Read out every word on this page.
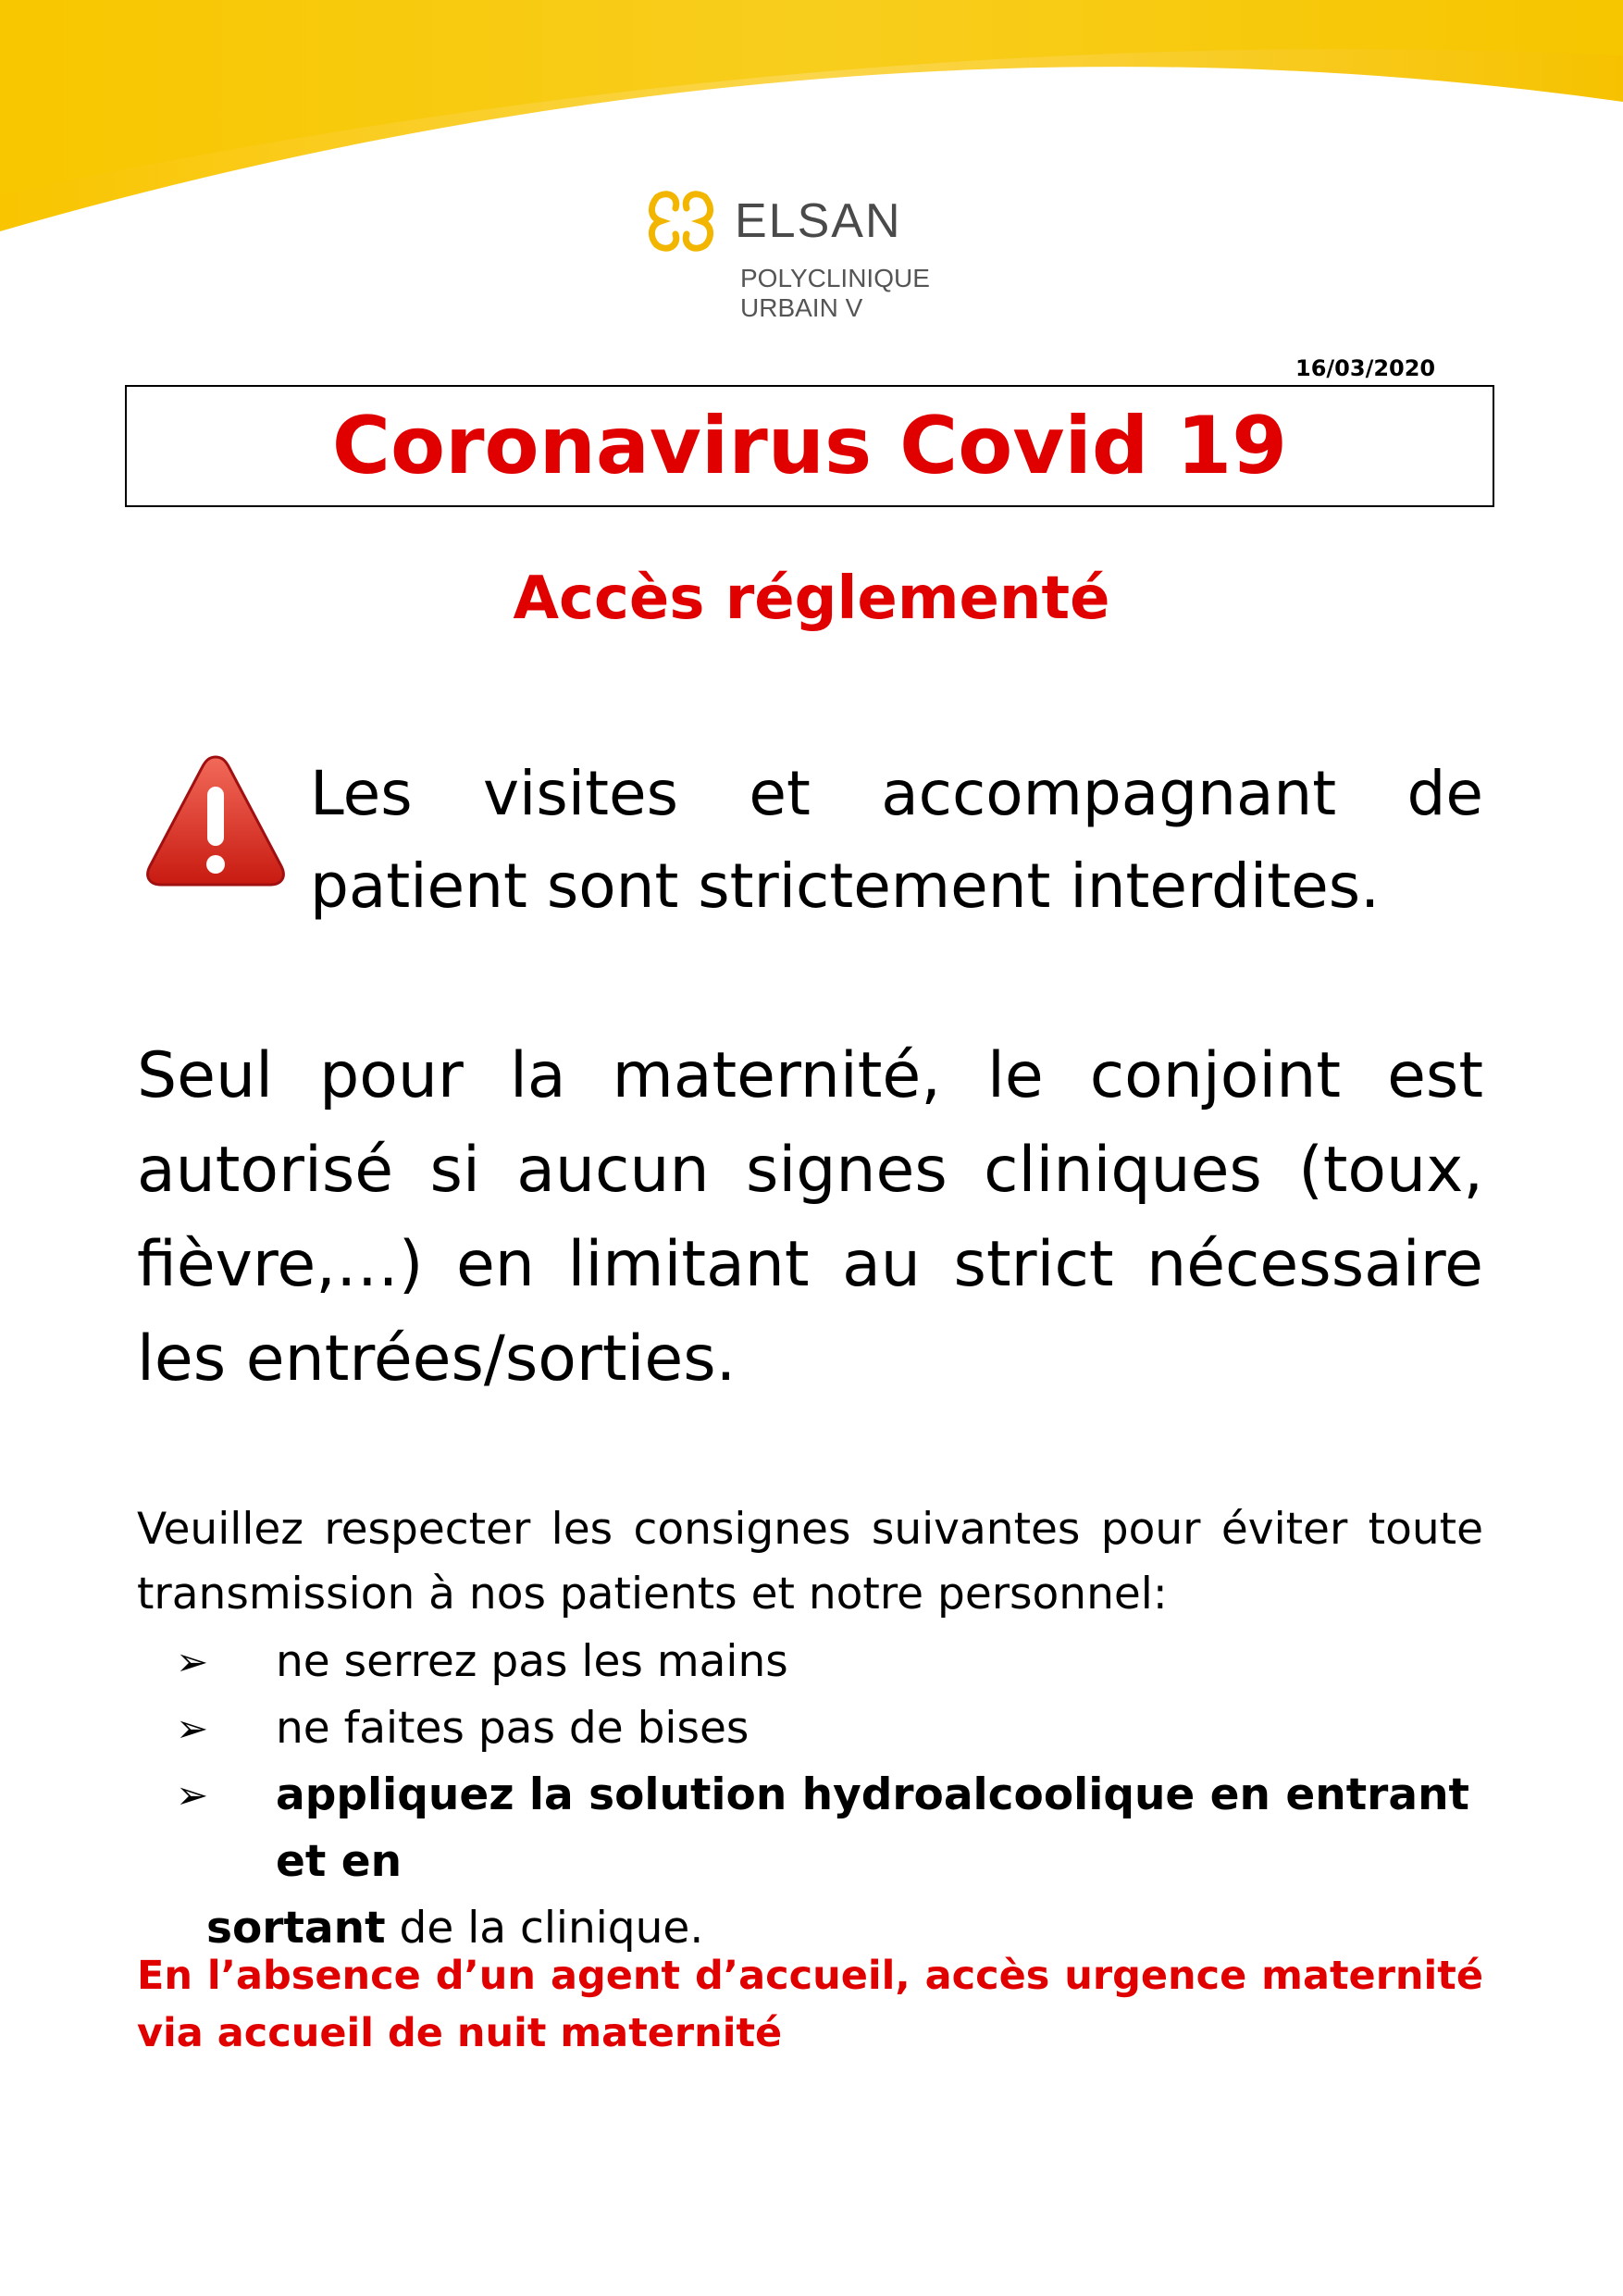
ELSAN
POLYCLINIQUE
URBAIN V
16/03/2020
Coronavirus Covid 19
Accès réglementé
Les visites et accompagnant de patient sont strictement interdites.
Seul pour la maternité, le conjoint est autorisé si aucun signes cliniques (toux, fièvre,…) en limitant au strict nécessaire les entrées/sorties.
Veuillez respecter les consignes suivantes pour éviter toute transmission à nos patients et notre personnel:
➢ ne serrez pas les mains
➢ ne faites pas de bises
➢	appliquez la solution hydroalcoolique en entrant et en
sortant de la clinique.
En l’absence d’un agent d’accueil, accès urgence maternité via accueil de nuit maternité
